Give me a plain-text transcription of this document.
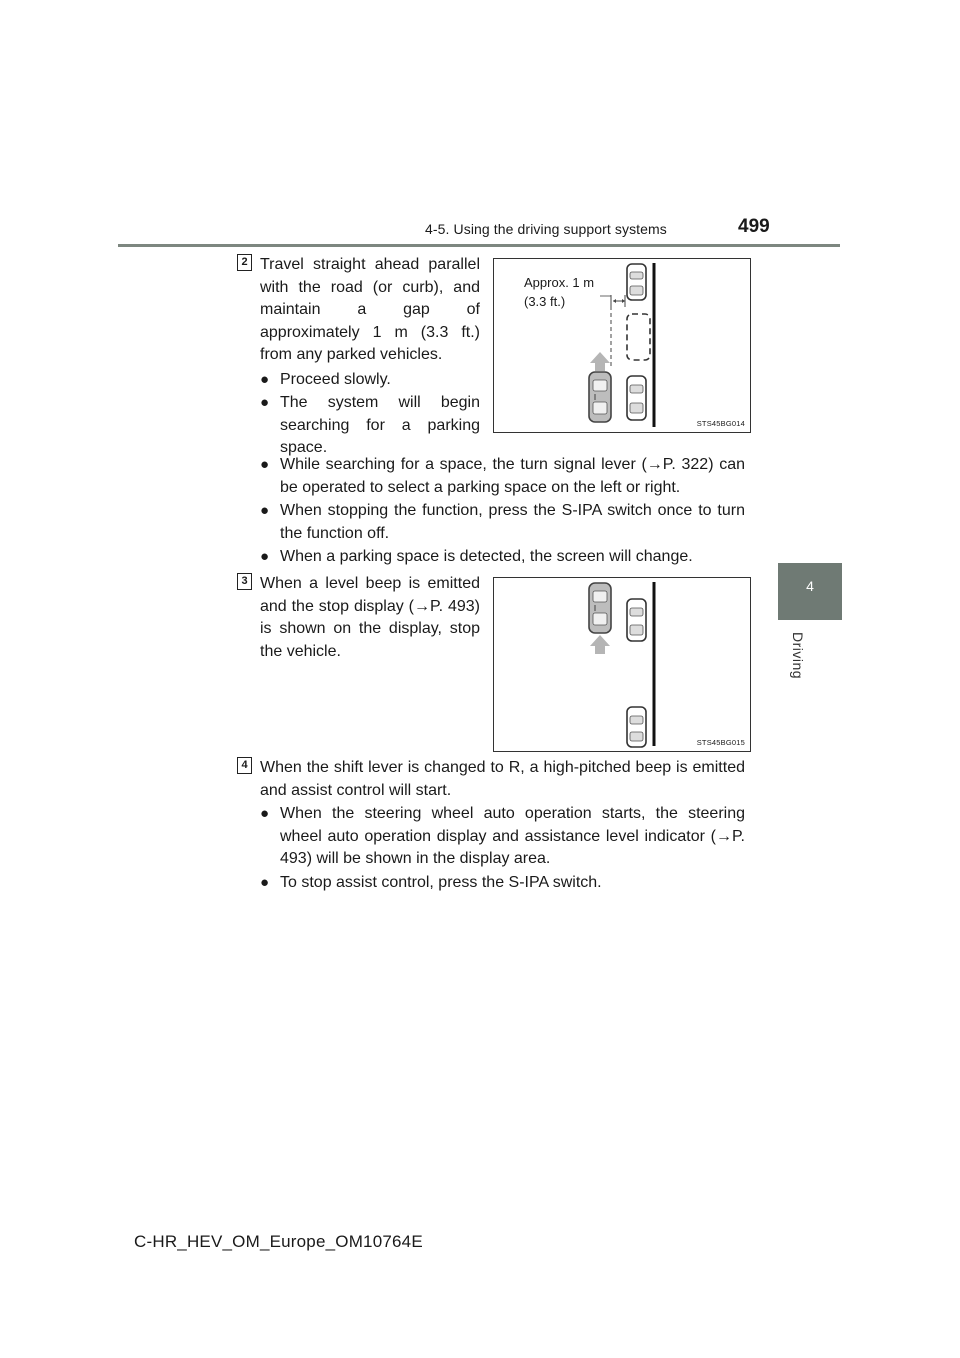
4-5. Using the driving support systems	499
4
Driving
2 Travel straight ahead parallel with the road (or curb), and maintain a gap of approximately 1 m (3.3 ft.) from any parked vehicles.
● Proceed slowly.
● The system will begin searching for a parking space.
● While searching for a space, the turn signal lever (→P. 322) can be operated to select a parking space on the left or right.
● When stopping the function, press the S-IPA switch once to turn the function off.
● When a parking space is detected, the screen will change.
Approx. 1 m
(3.3 ft.)
STS45BG014
3 When a level beep is emitted and the stop display (→P. 493) is shown on the display, stop the vehicle.
STS45BG015
4 When the shift lever is changed to R, a high-pitched beep is emitted and assist control will start.
● When the steering wheel auto operation starts, the steering wheel auto operation display and assistance level indicator (→P. 493) will be shown in the display area.
● To stop assist control, press the S-IPA switch.
C-HR_HEV_OM_Europe_OM10764E
